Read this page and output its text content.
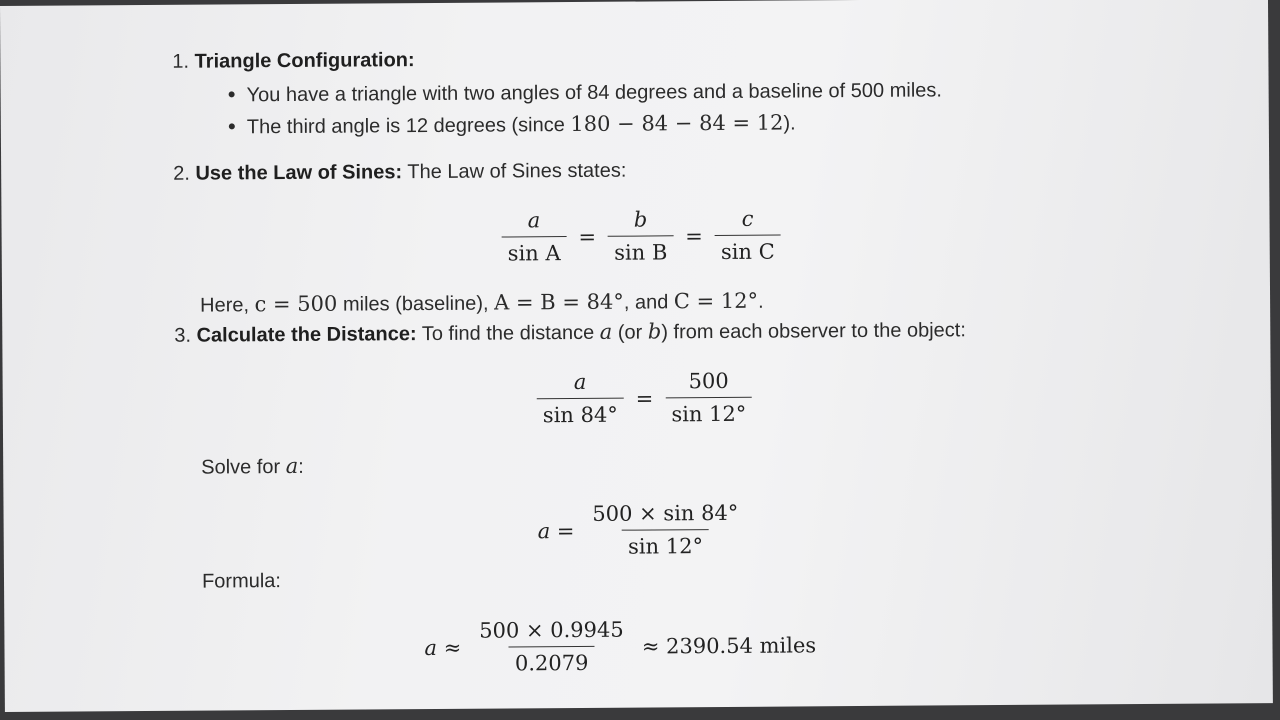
1. Triangle Configuration:
You have a triangle with two angles of 84 degrees and a baseline of 500 miles.
The third angle is 12 degrees (since 180 − 84 − 84 = 12).
2. Use the Law of Sines: The Law of Sines states:
$\frac{a}{\text{sin A}} = \frac{b}{\text{sin B}} = \frac{c}{\text{sin C}}$
Here, c = 500 miles (baseline), A = B = 84°, and C = 12°.
3. Calculate the Distance: To find the distance a (or b) from each observer to the object:
$\frac{a}{\sin 84^\circ} = \frac{500}{\sin 12^\circ}$
Solve for a:
$a = \frac{500 \times \sin 84^\circ}{\sin 12^\circ}$
Formula:
$a \approx \frac{500 \times 0.9945}{0.2079} \approx 2390.54$ miles
